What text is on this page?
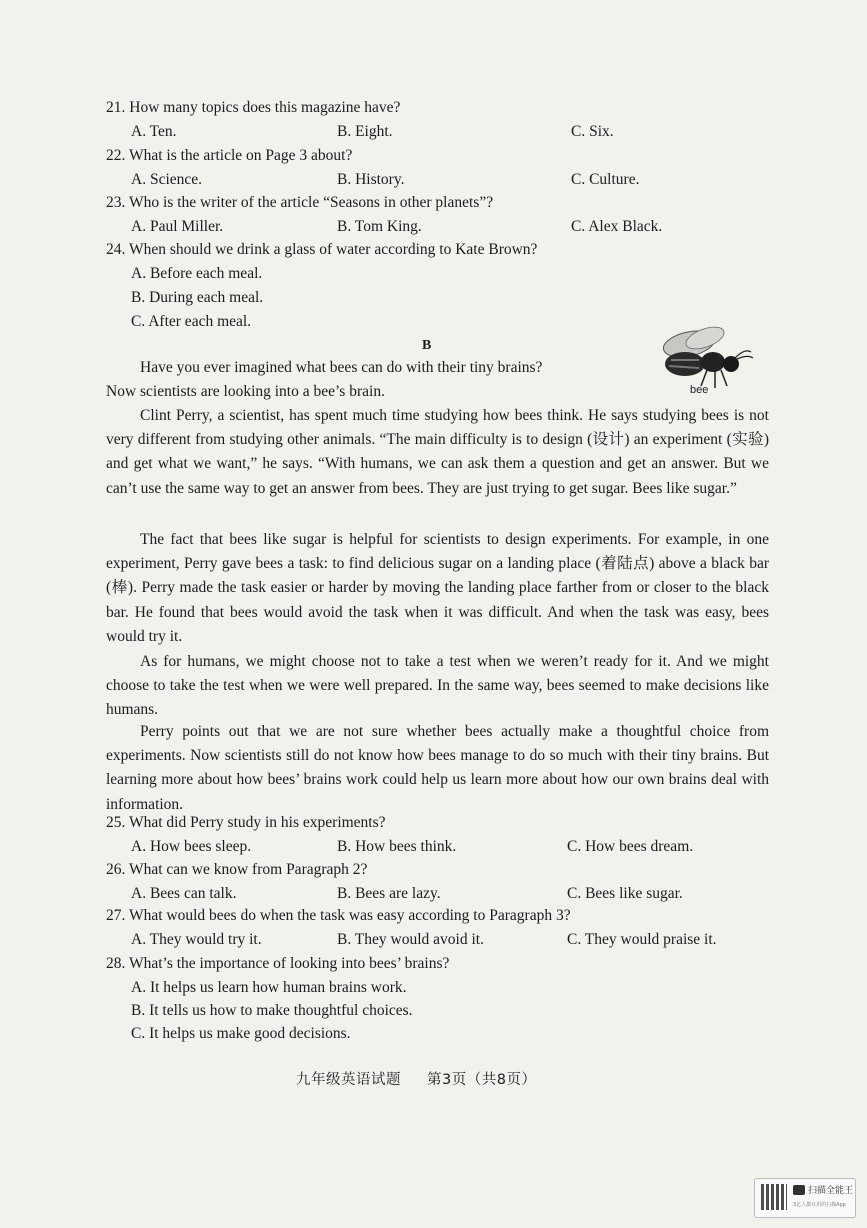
21. How many topics does this magazine have?
A. Ten.	B. Eight.	C. Six.
22. What is the article on Page 3 about?
A. Science.	B. History.	C. Culture.
23. Who is the writer of the article “Seasons in other planets”?
A. Paul Miller.	B. Tom King.	C. Alex Black.
24. When should we drink a glass of water according to Kate Brown?
A. Before each meal.
B. During each meal.
C. After each meal.
B
bee
Have you ever imagined what bees can do with their tiny brains?
Now scientists are looking into a bee’s brain.
Clint Perry, a scientist, has spent much time studying how bees think. He says studying bees is not very different from studying other animals. “The main difficulty is to design (设计) an experiment (实验) and get what we want,” he says. “With humans, we can ask them a question and get an answer. But we can’t use the same way to get an answer from bees. They are just trying to get sugar. Bees like sugar.”
The fact that bees like sugar is helpful for scientists to design experiments. For example, in one experiment, Perry gave bees a task: to find delicious sugar on a landing place (着陆点) above a black bar (棒). Perry made the task easier or harder by moving the landing place farther from or closer to the black bar. He found that bees would avoid the task when it was difficult. And when the task was easy, bees would try it.
As for humans, we might choose not to take a test when we weren’t ready for it. And we might choose to take the test when we were well prepared. In the same way, bees seemed to make decisions like humans.
Perry points out that we are not sure whether bees actually make a thoughtful choice from experiments. Now scientists still do not know how bees manage to do so much with their tiny brains. But learning more about how bees’ brains work could help us learn more about how our own brains deal with information.
25. What did Perry study in his experiments?
A. How bees sleep.	B. How bees think.	C. How bees dream.
26. What can we know from Paragraph 2?
A. Bees can talk.	B. Bees are lazy.	C. Bees like sugar.
27. What would bees do when the task was easy according to Paragraph 3?
A. They would try it.	B. They would avoid it.	C. They would praise it.
28. What’s the importance of looking into bees’ brains?
A. It helps us learn how human brains work.
B. It tells us how to make thoughtful choices.
C. It helps us make good decisions.
九年级英语试题 第3页（共8页）
扫描全能王
3亿人都在用的扫描App
